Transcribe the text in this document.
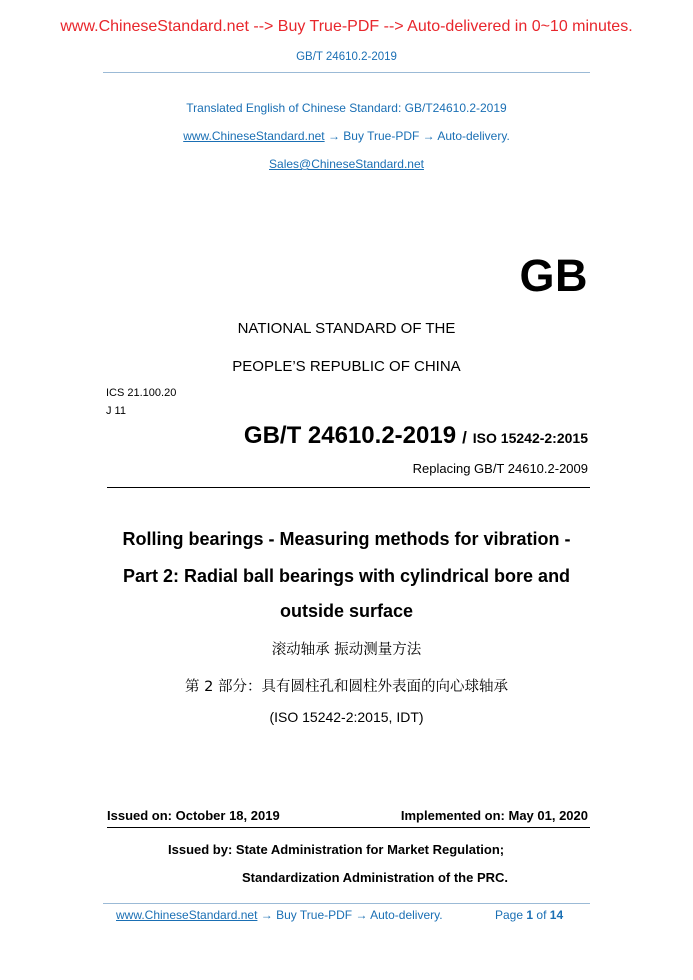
www.ChineseStandard.net --> Buy True-PDF --> Auto-delivered in 0~10 minutes.
GB/T 24610.2-2019
Translated English of Chinese Standard: GB/T24610.2-2019
www.ChineseStandard.net → Buy True-PDF → Auto-delivery.
Sales@ChineseStandard.net
GB
NATIONAL STANDARD OF THE
PEOPLE’S REPUBLIC OF CHINA
ICS 21.100.20
J 11
GB/T 24610.2-2019 / ISO 15242-2:2015
Replacing GB/T 24610.2-2009
Rolling bearings - Measuring methods for vibration -
Part 2: Radial ball bearings with cylindrical bore and
outside surface
滚动轴承 振动测量方法
第 2 部分：具有圆柱孔和圆柱外表面的向心球轴承
(ISO 15242-2:2015, IDT)
Issued on: October 18, 2019	Implemented on: May 01, 2020
Issued by: State Administration for Market Regulation;
Standardization Administration of the PRC.
www.ChineseStandard.net → Buy True-PDF → Auto-delivery.	Page 1 of 14
